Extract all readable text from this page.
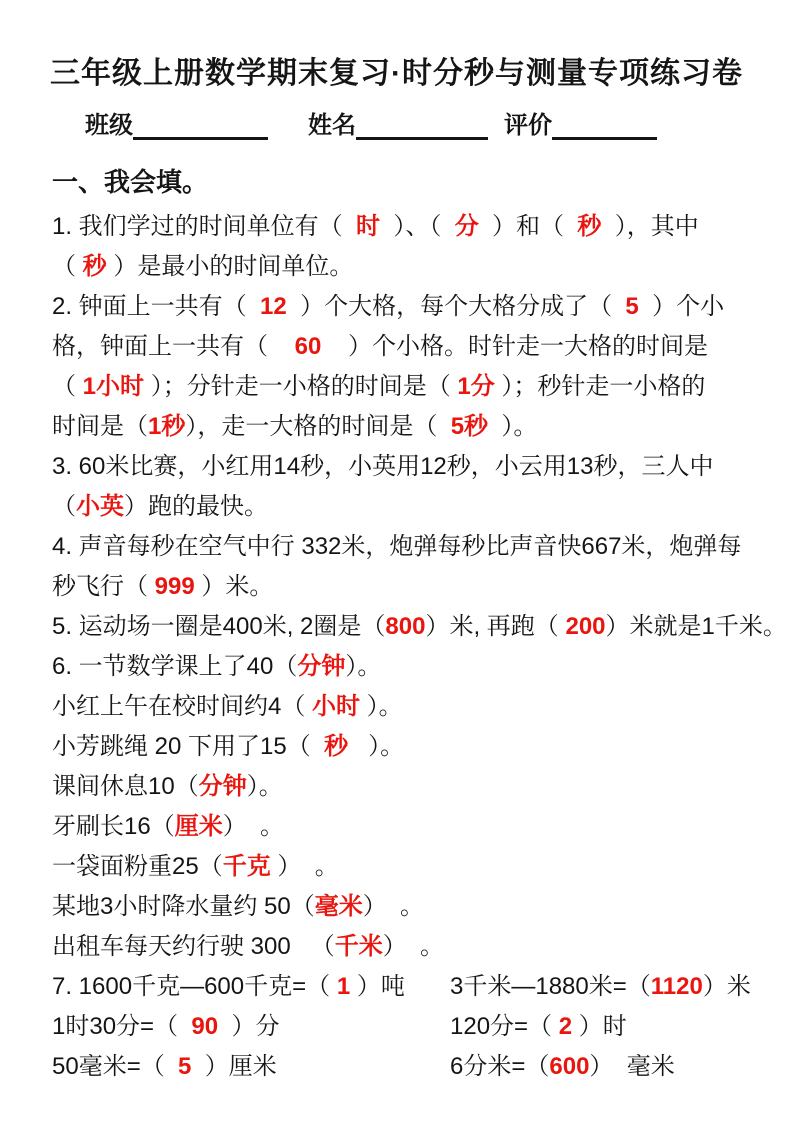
三年级上册数学期末复习·时分秒与测量专项练习卷
班级	姓名	评价
一、我会填。
1. 我们学过的时间单位有（  时  ）、（  分  ）和（  秒  ），其中
（ 秒 ）是最小的时间单位。
2. 钟面上一共有（  12  ）个大格，每个大格分成了（  5  ）个小
格，钟面上一共有（    60    ）个小格。时针走一大格的时间是
（ 1小时 ）；分针走一小格的时间是（ 1分 ）；秒针走一小格的
时间是（1秒），走一大格的时间是（  5秒  ）。
3. 60米比赛，小红用14秒，小英用12秒，小云用13秒，三人中
（小英）跑的最快。
4. 声音每秒在空气中行 332米，炮弹每秒比声音快667米，炮弹每
秒飞行（ 999 ）米。
5. 运动场一圈是400米, 2圈是（800）米, 再跑（ 200）米就是1千米。
6. 一节数学课上了40（分钟）。
小红上午在校时间约4（ 小时 ）。
小芳跳绳 20 下用了15（  秒   ）。
课间休息10（分钟）。
牙刷长16（厘米）  。
一袋面粉重25（千克 ）  。
某地3小时降水量约 50（毫米）  。
出租车每天约行驶 300   （千米）  。
7. 1600千克—600千克=（ 1 ）吨	3千米—1880米=（1120）米
1时30分=（  90  ）分	120分=（ 2 ）时
50毫米=（  5  ）厘米	6分米=（600）  毫米
